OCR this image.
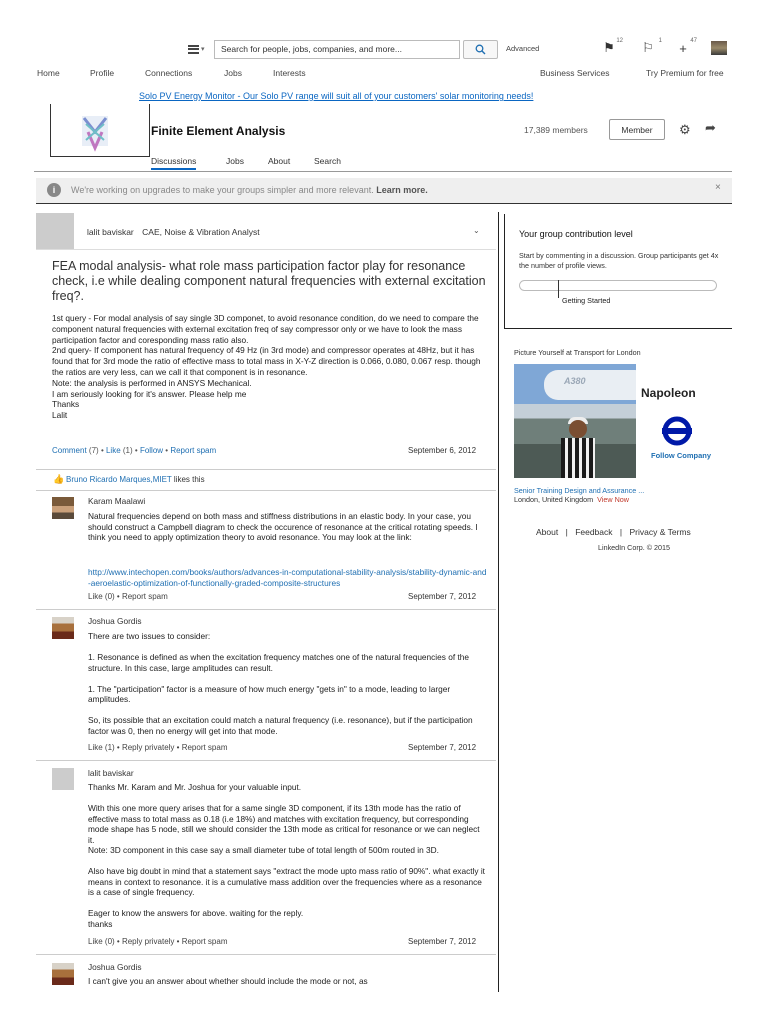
▾	Search for people, jobs, companies, and more...	Advanced	⚑ 12 ⚐ 1 + 47
Home	Profile	Connections	Jobs	Interests	Business Services	Try Premium for free
Solo PV Energy Monitor - Our Solo PV range will suit all of your customers' solar monitoring needs!
Finite Element Analysis	17,389 members	Member	⚙ ➦
Discussions	Jobs	About	Search
i	We're working on upgrades to make your groups simpler and more relevant. Learn more.	×
lalit baviskar CAE, Noise & Vibration Analyst	⌄
FEA modal analysis- what role mass participation factor play for resonance check, i.e while dealing component natural frequencies with external excitation freq?.
1st query - For modal analysis of say single 3D componet, to avoid resonance condition, do we need to compare the component natural frequencies with external excitation freq of say compressor only or we have to look the mass participation factor and coresponding mass ratio also.
2nd query- If component has natural frequency of 49 Hz (in 3rd mode) and compressor operates at 48Hz, but it has found that for 3rd mode the ratio of effective mass to total mass in X-Y-Z direction is 0.066, 0.080, 0.067 resp. though the ratios are very less, can we call it that component is in resonance.
Note: the analysis is performed in ANSYS Mechanical.
I am seriously looking for it's answer. Please help me
Thanks
Lalit
Comment (7) • Like (1) • Follow • Report spam	September 6, 2012
👍 Bruno Ricardo Marques,MIET likes this
Karam Maalawi
Natural frequencies depend on both mass and stiffness distributions in an elastic body. In your case, you should construct a Campbell diagram to check the occurence of resonance at the critical rotating speeds. I think you need to apply optimization theory to avoid resonance. You may look at the link:
http://www.intechopen.com/books/authors/advances-in-computational-stability-analysis/stability-dynamic-and-aeroelastic-optimization-of-functionally-graded-composite-structures
Like (0) • Report spam	September 7, 2012
Joshua Gordis
There are two issues to consider:

1. Resonance is defined as when the excitation frequency matches one of the natural frequencies of the structure. In this case, large amplitudes can result.

1. The "participation" factor is a measure of how much energy "gets in" to a mode, leading to larger amplitudes.

So, its possible that an excitation could match a natural frequency (i.e. resonance), but if the participation factor was 0, then no energy will get into that mode.
Like (1) • Reply privately • Report spam	September 7, 2012
lalit baviskar
Thanks Mr. Karam and Mr. Joshua for your valuable input.

With this one more query arises that for a same single 3D component, if its 13th mode has the ratio of effective mass to total mass as 0.18 (i.e 18%) and matches with excitation frequency, but corresponding mode shape has 5 node, still we should consider the 13th mode as critical for resonance or we can neglect it.
Note: 3D component in this case say a small diameter tube of total length of 500m routed in 3D.

Also have big doubt in mind that a statement says "extract the mode upto mass ratio of 90%". what exactly it means in context to resonance. it is a cumulative mass addition over the frequencies where as a resonance is a case of single frequency.

Eager to know the answers for above. waiting for the reply.
thanks
Like (0) • Reply privately • Report spam	September 7, 2012
Joshua Gordis
I can't give you an answer about whether should include the mode or not, as
Your group contribution level
Start by commenting in a discussion. Group participants get 4x the number of profile views.
Getting Started
Picture Yourself at Transport for London
A380
Napoleon
Follow Company
Senior Training Design and Assurance ...
London, United Kingdom View Now
About | Feedback | Privacy & Terms
LinkedIn Corp. © 2015
